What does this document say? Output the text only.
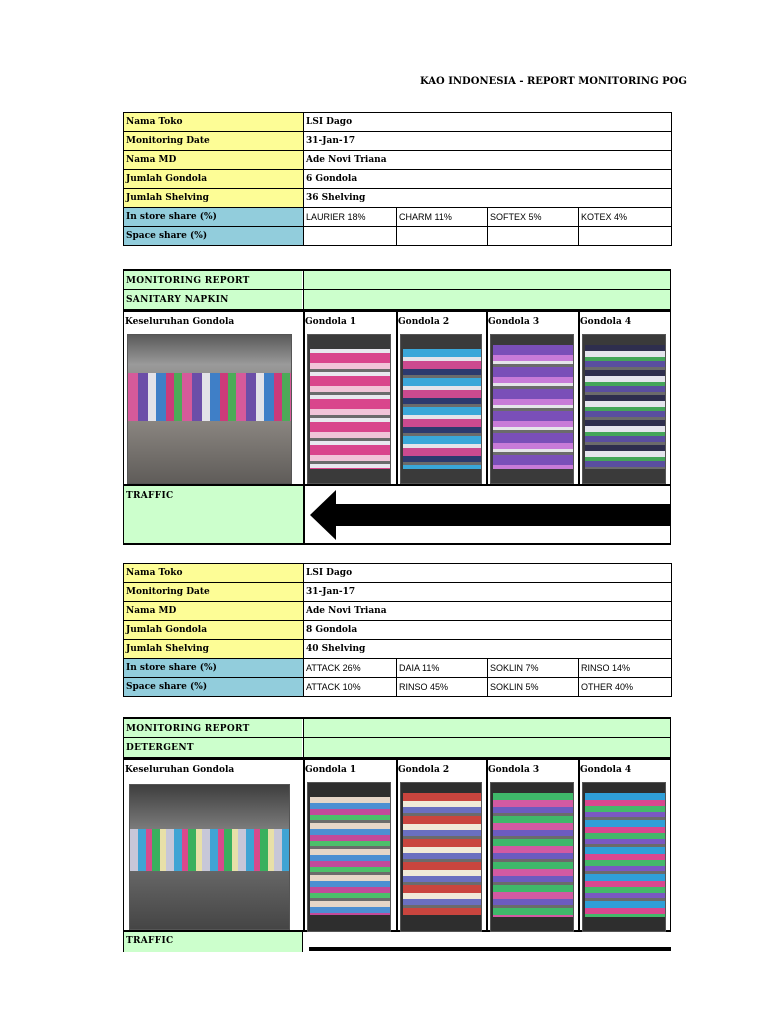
KAO INDONESIA - REPORT MONITORING POG
Nama Toko	LSI Dago			
Monitoring Date	31-Jan-17			
Nama MD	Ade Novi Triana			
Jumlah Gondola	6 Gondola			
Jumlah Shelving	36 Shelving			
In store share (%)	LAURIER 18%	CHARM 11%	SOFTEX 5%	KOTEX 4%
Space share (%)				
MONITORING REPORT
SANITARY NAPKIN
Keseluruhan Gondola	Gondola 1	Gondola 2	Gondola 3	Gondola 4
TRAFFIC
Nama Toko	LSI Dago			
Monitoring Date	31-Jan-17			
Nama MD	Ade Novi Triana			
Jumlah Gondola	8 Gondola			
Jumlah Shelving	40 Shelving			
In store share (%)	ATTACK 26%	DAIA 11%	SOKLIN 7%	RINSO 14%
Space share (%)	ATTACK 10%	RINSO 45%	SOKLIN 5%	OTHER 40%
MONITORING REPORT
DETERGENT
Keseluruhan Gondola	Gondola 1	Gondola 2	Gondola 3	Gondola 4
TRAFFIC
